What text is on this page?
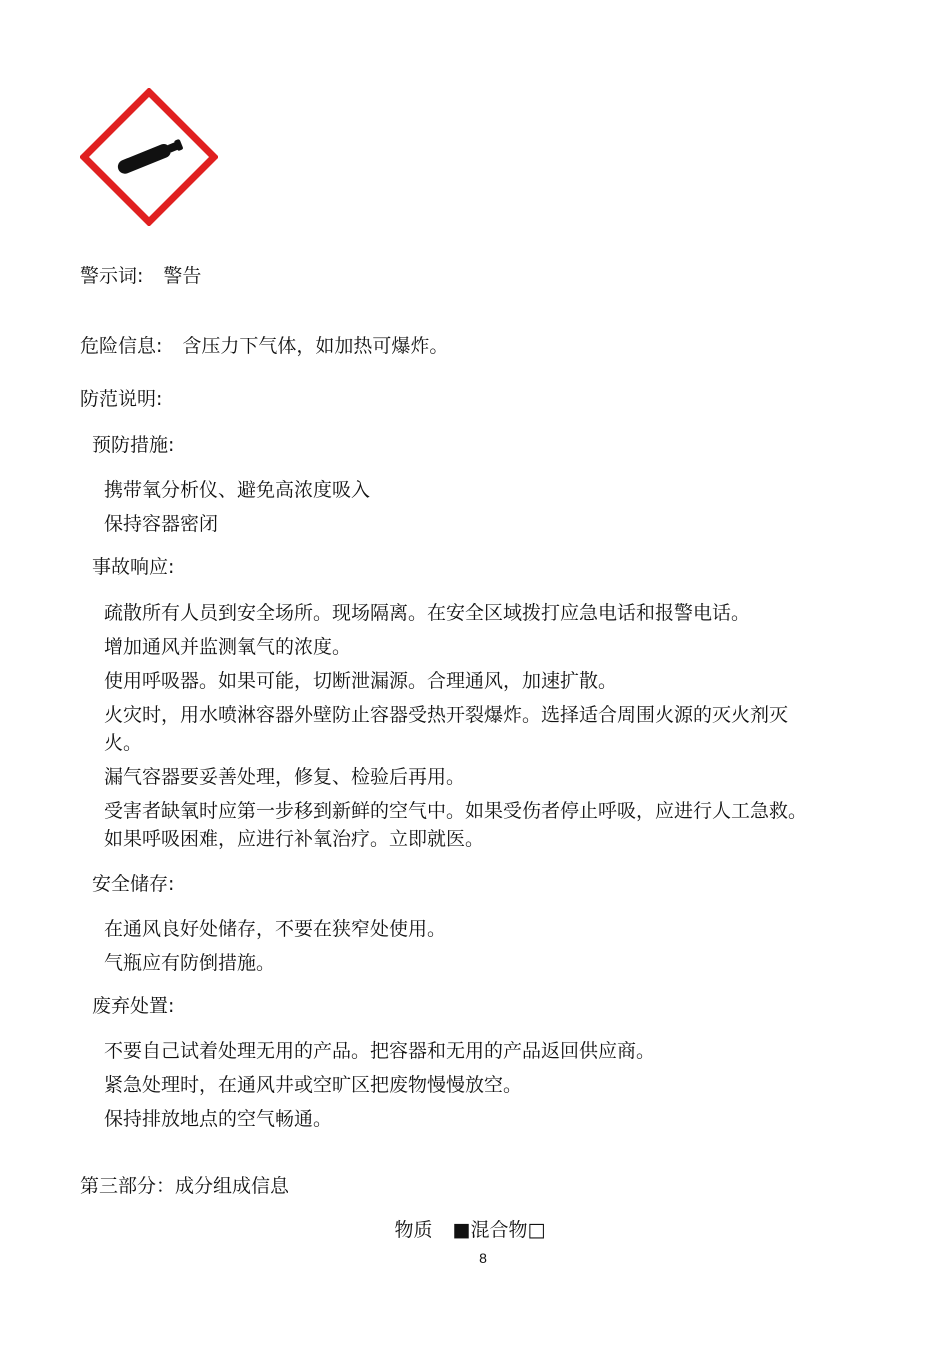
警示词: 警告
危险信息: 含压力下气体，如加热可爆炸。
防范说明:
预防措施:
携带氧分析仪、避免高浓度吸入
保持容器密闭
事故响应:
疏散所有人员到安全场所。现场隔离。在安全区域拨打应急电话和报警电话。
增加通风并监测氧气的浓度。
使用呼吸器。如果可能，切断泄漏源。合理通风，加速扩散。
火灾时，用水喷淋容器外壁防止容器受热开裂爆炸。选择适合周围火源的灭火剂灭火。
漏气容器要妥善处理，修复、检验后再用。
受害者缺氧时应第一步移到新鲜的空气中。如果受伤者停止呼吸，应进行人工急救。如果呼吸困难，应进行补氧治疗。立即就医。
安全储存:
在通风良好处储存，不要在狭窄处使用。
气瓶应有防倒措施。
废弃处置:
不要自己试着处理无用的产品。把容器和无用的产品返回供应商。
紧急处理时，在通风井或空旷区把废物慢慢放空。
保持排放地点的空气畅通。
第三部分：成分组成信息
物质 ■混合物□
8
